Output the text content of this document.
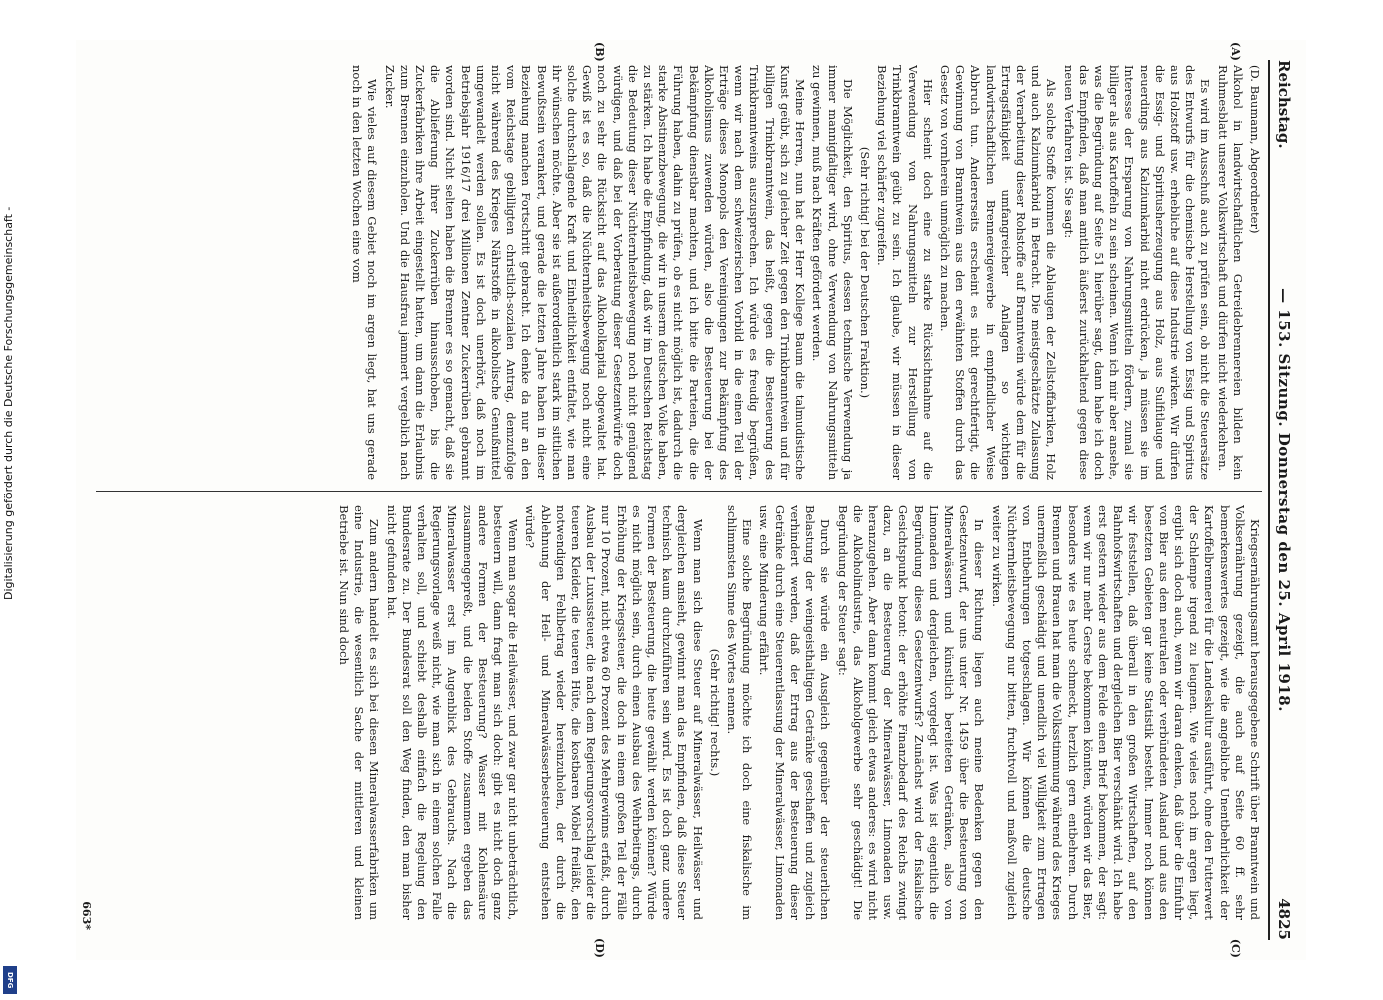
Digitalisierung gefördert durch die Deutsche Forschungsgemeinschaft -
DFG
Reichstag.
— 153. Sitzung. Donnerstag den 25. April 1918.
4825
(A)
(B)
(C)
(D)

(D. Baumann, Abgeordneter)

Alkohol in landwirtschaftlichen Getreidebrennereien bilden kein Ruhmesblatt unserer Volkswirtschaft und dürfen nicht wiederkehren.

Es wird im Ausschuß auch zu prüfen sein, ob nicht die Steuersätze des Entwurfs für die chemische Herstellung von Essig und Spiritus aus Holzstoff usw. erhebliche auf diese Industrie wirken. Wir dürfen die Essig- und Spiritusherzeugung aus Holz, aus Sulfitlauge und neuerdings aus Kalziumkarbid nicht erdrücken, ja müssen sie im Interesse der Ersparung von Nahrungsmitteln fördern, zumal sie billiger als aus Kartoffeln zu sein scheinen. Wenn ich mir aber ansehe, was die Begründung auf Seite 51 hierüber sagt, dann habe ich doch das Empfinden, daß man amtlich äußerst zurückhaltend gegen diese neuen Verfahren ist. Sie sagt:

Als solche Stoffe kommen die Ablaugen der Zellstoffabriken, Holz und auch Kalziumkarbid in Betracht. Die meistgeschätzte Zulassung der Verarbeitung dieser Rohstoffe auf Branntwein würde dem für die Ertragsfähigkeit umfangreicher Anlagen so wichtigen landwirtschaftlichen Brennereigewerbe in empfindlicher Weise Abbruch tun. Andererseits erscheint es nicht gerechtfertigt, die Gewinnung von Branntwein aus den erwähnten Stoffen durch das Gesetz von vornherein unmöglich zu machen.

Hier scheint doch eine zu starke Rücksichtnahme auf die Verwendung von Nahrungsmitteln zur Herstellung von Trinkbranntwein geübt zu sein. Ich glaube, wir müssen in dieser Beziehung viel schärfer zugreifen.

(Sehr richtig! bei der Deutschen Fraktion.)

Die Möglichkeit, den Spiritus, dessen technische Verwendung ja immer mannigfaltiger wird, ohne Verwendung von Nahrungsmitteln zu gewinnen, muß nach Kräften gefördert werden.

Meine Herren, nun hat der Herr Kollege Baum die talmudistische Kunst geübt, sich zu gleicher Zeit gegen den Trinkbranntwein und für billigen Trinkbranntwein, das heißt, gegen die Besteuerung des Trinkbranntweins auszusprechen. Ich würde es freudig begrüßen, wenn wir nach dem schweizerischen Vorbild in die einen Teil der Erträge dieses Monopols den Vereinigungen zur Bekämpfung des Alkoholismus zuwenden würden, also die Besteuerung bei der Bekämpfung dienstbar machten, und ich bitte die Parteien, die die Führung haben, dahin zu prüfen, ob es nicht möglich ist, dadurch die starke Abstinenzbewegung, die wir in unserm deutschen Volke haben, zu stärken. Ich habe die Empfindung, daß wir im Deutschen Reichstag die Bedeutung dieser Nüchternheitsbewegung noch nicht genügend würdigen, und daß bei der Vorberatung dieser Gesetzentwürfe doch noch zu sehr die Rücksicht auf das Alkoholkapital obgewaltet hat. Gewiß ist es so, daß die Nüchternheitsbewegung noch nicht eine solche durchschlagende Kraft und Einheitlichkeit entfaltet, wie man ihr wünschen möchte. Aber sie ist außerordentlich stark im sittlichen Bewußtsein verankert, und gerade die letzten Jahre haben in dieser Beziehung manchen Fortschritt gebracht. Ich denke da nur an den vom Reichstage gebilligten christlich-sozialen Antrag, demzufolge nicht während des Krieges Nährstoffe in alkoholische Genußmittel umgewandelt werden sollen. Es ist doch unerhört, daß noch im Betriebsjahr 1916/17 drei Millionen Zentner Zuckerrüben gebrannt worden sind. Nicht selten haben die Brenner es so gemacht, daß sie die Ablieferung ihrer Zuckerrüben hinausschoben, bis die Zuckerfabriken ihre Arbeit eingestellt hatten, um dann die Erlaubnis zum Brennen einzuholen. Und die Hausfrau jammert vergeblich nach Zucker.

Wie vieles auf diesem Gebiet noch im argen liegt, hat uns gerade noch in den letzten Wochen eine vom

Kriegsernährungsamt herausgegebene Schrift über Branntwein und Volksernährung gezeigt, die auch auf Seite 60 ff. sehr bemerkenswertes gezeigt, wie die angebliche Unentbehrlichkeit der Kartoffelbrennerei für die Landeskultur ausführt, ohne den Futterwert der Schlempe irgend zu leugnen. Wie vieles noch im argen liegt, ergibt sich doch auch, wenn wir daran denken, daß über die Einfuhr von Bier aus dem neutralen oder verbündeten Ausland und aus den besetzten Gebieten gar keine Statistik besteht. Immer noch können wir feststellen, daß überall in den großen Wirtschaften, auf den Bahnhofswirtschaften und dergleichen Bier verschänkt wird. Ich habe erst gestern wieder aus dem Felde einen Brief bekommen, der sagt: wenn wir nur mehr Gerste bekommen könnten, würden wir das Bier, besonders wie es heute schmeckt, herzlich gern entbehren. Durch Brennen und Brauen hat man die Volksstimmung während des Krieges unermeßlich geschädigt und unendlich viel Willigkeit zum Ertragen von Entbehrungen totgeschlagen. Wir können die deutsche Nüchternheitsbewegung nur bitten, fruchtvoll und maßvoll zugleich weiter zu wirken.

In dieser Richtung liegen auch meine Bedenken gegen den Gesetzentwurf, der uns unter Nr. 1459 über die Besteuerung von Mineralwässern und künstlich bereiteten Getränken, also von Limonaden und dergleichen, vorgelegt ist. Was ist eigentlich die Begründung dieses Gesetzentwurfs? Zunächst wird der fiskalische Gesichtspunkt betont: der erhöhte Finanzbedarf des Reichs zwingt dazu, an die Besteuerung der Mineralwässer, Limonaden usw. heranzugehen. Aber dann kommt gleich etwas anderes: es wird nicht die Alkoholindustrie, das Alkoholgewerbe sehr geschädigt! Die Begründung der Steuer sagt:

Durch sie würde ein Ausgleich gegenüber der steuerlichen Belastung der weingeisthaltigen Getränke geschaffen und zugleich verhindert werden, daß der Ertrag aus der Besteuerung dieser Getränke durch eine Steuerentlassung der Mineralwässer, Limonaden usw. eine Minderung erfährt.

Eine solche Begründung möchte ich doch eine fiskalische im schlimmsten Sinne des Wortes nennen.

(Sehr richtig! rechts.)

Wenn man sich diese Steuer auf Mineralwässer, Heilwässer und dergleichen ansieht, gewinnt man das Empfinden, daß diese Steuer technisch kaum durchzuführen sein wird. Es ist doch ganz undere Formen der Besteuerung, die heute gewählt werden können? Würde es nicht möglich sein, durch einen Ausbau des Wehrbeitrags, durch Erhöhung der Kriegssteuer, die doch in einem großen Teil der Fälle nur 10 Prozent, nicht etwa 60 Prozent des Mehrgewinns erfaßt, durch Ausbau der Luxussteuer, die nach dem Regierungsvorschlag leider die teueren Kleider, die teueren Hüte, die kostbaren Möbel freiläßt, den notwendigen Fehlbetrag wieder hereinzuholen, der durch die Ablehnung der Heil- und Mineralwässerbesteuerung entstehen würde?

Wenn man sogar die Heilwässer, und zwar gar nicht unbeträchtlich, besteuern will, dann fragt man sich doch: gibt es nicht doch ganz andere Formen der Besteuerung? Wasser mit Kohlensäure zusammengepreßt, und die beiden Stoffe zusammen ergeben das Mineralwasser erst im Augenblick des Gebrauchs. Nach die Regierungsvorlage weiß nicht, wie man sich in einem solchen Falle verhalten soll, und schiebt deshalb einfach die Regelung den Bundesrate zu. Der Bundesrat soll den Weg finden, den man bisher nicht gefunden hat.

Zum andern handelt es sich bei diesen Mineralwasserfabriken um eine Industrie, die wesentlich Sache der mittleren und kleinen Betriebe ist. Nun sind doch

663*
